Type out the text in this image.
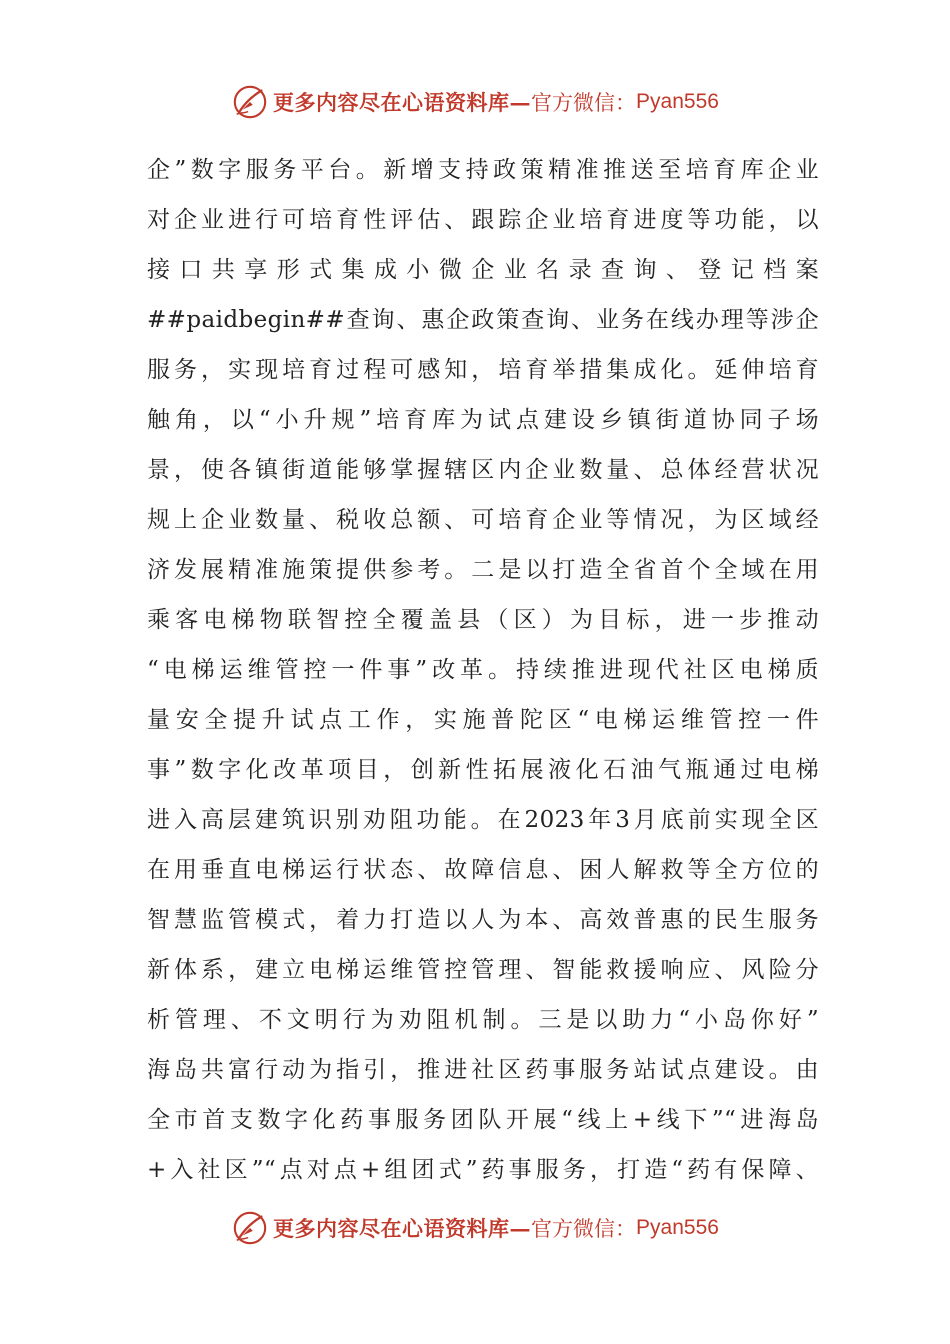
更多内容尽在心语资料库— 官方微信： Pyan556
企”数字服务平台。新增支持政策精准推送至培育库企业
对企业进行可培育性评估、跟踪企业培育进度等功能，以
接口共享形式集成小微企业名录查询、登记档案
##paidbegin##查询、惠企政策查询、业务在线办理等涉企
服务，实现培育过程可感知，培育举措集成化。延伸培育
触角，以“小升规”培育库为试点建设乡镇街道协同子场
景，使各镇街道能够掌握辖区内企业数量、总体经营状况
规上企业数量、税收总额、可培育企业等情况，为区域经
济发展精准施策提供参考。二是以打造全省首个全域在用
乘客电梯物联智控全覆盖县（区）为目标，进一步推动
“电梯运维管控一件事”改革。持续推进现代社区电梯质
量安全提升试点工作，实施普陀区“电梯运维管控一件
事”数字化改革项目，创新性拓展液化石油气瓶通过电梯
进入高层建筑识别劝阻功能。在2023年3月底前实现全区
在用垂直电梯运行状态、故障信息、困人解救等全方位的
智慧监管模式，着力打造以人为本、高效普惠的民生服务
新体系，建立电梯运维管控管理、智能救援响应、风险分
析管理、不文明行为劝阻机制。三是以助力“小岛你好”
海岛共富行动为指引，推进社区药事服务站试点建设。由
全市首支数字化药事服务团队开展“线上+线下”“进海岛
+入社区”“点对点+组团式”药事服务，打造“药有保障、
更多内容尽在心语资料库— 官方微信： Pyan556
